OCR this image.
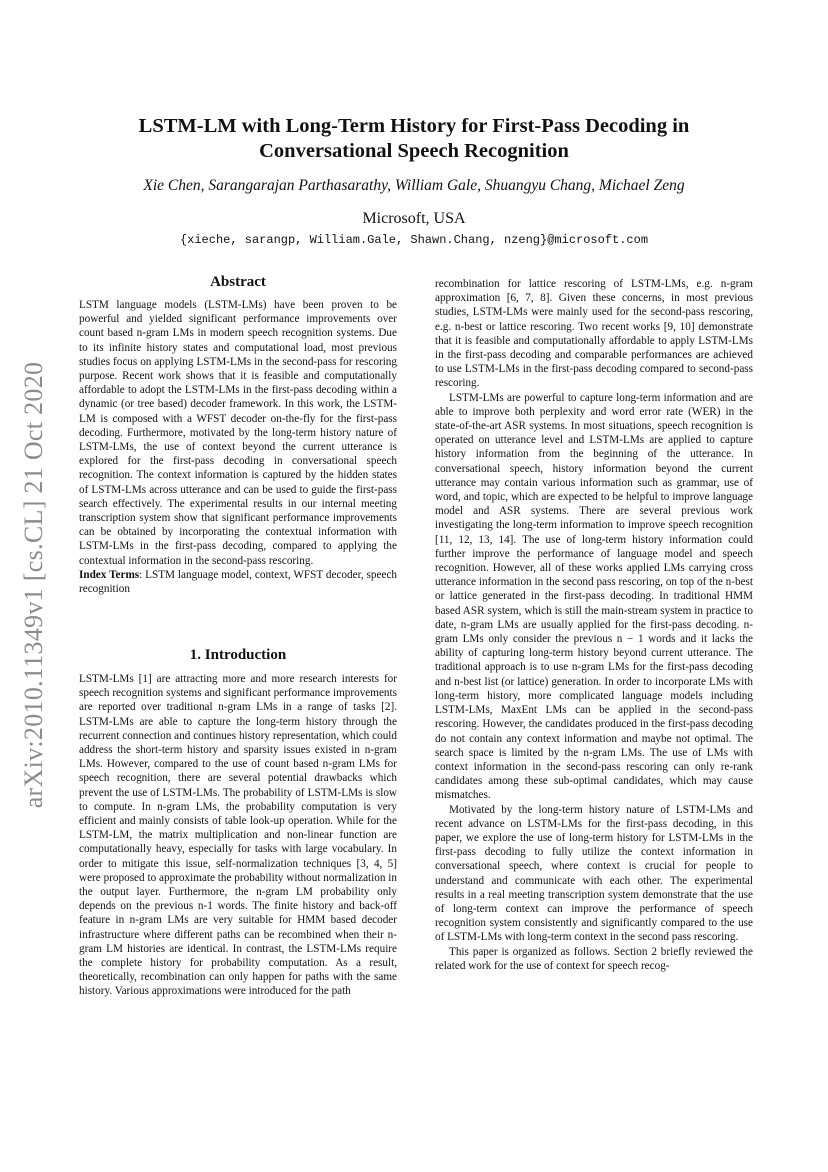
arXiv:2010.11349v1 [cs.CL] 21 Oct 2020
LSTM-LM with Long-Term History for First-Pass Decoding in Conversational Speech Recognition
Xie Chen, Sarangarajan Parthasarathy, William Gale, Shuangyu Chang, Michael Zeng
Microsoft, USA
{xieche, sarangp, William.Gale, Shawn.Chang, nzeng}@microsoft.com
Abstract

LSTM language models (LSTM-LMs) have been proven to be powerful and yielded significant performance improvements over count based n-gram LMs in modern speech recognition systems. Due to its infinite history states and computational load, most previous studies focus on applying LSTM-LMs in the second-pass for rescoring purpose. Recent work shows that it is feasible and computationally affordable to adopt the LSTM-LMs in the first-pass decoding within a dynamic (or tree based) decoder framework. In this work, the LSTM-LM is composed with a WFST decoder on-the-fly for the first-pass decoding. Furthermore, motivated by the long-term history nature of LSTM-LMs, the use of context beyond the current utterance is explored for the first-pass decoding in conversational speech recognition. The context information is captured by the hidden states of LSTM-LMs across utterance and can be used to guide the first-pass search effectively. The experimental results in our internal meeting transcription system show that significant performance improvements can be obtained by incorporating the contextual information with LSTM-LMs in the first-pass decoding, compared to applying the contextual information in the second-pass rescoring.

Index Terms: LSTM language model, context, WFST decoder, speech recognition

1. Introduction

LSTM-LMs [1] are attracting more and more research interests for speech recognition systems and significant performance improvements are reported over traditional n-gram LMs in a range of tasks [2]. LSTM-LMs are able to capture the long-term history through the recurrent connection and continues history representation, which could address the short-term history and sparsity issues existed in n-gram LMs. However, compared to the use of count based n-gram LMs for speech recognition, there are several potential drawbacks which prevent the use of LSTM-LMs. The probability of LSTM-LMs is slow to compute. In n-gram LMs, the probability computation is very efficient and mainly consists of table look-up operation. While for the LSTM-LM, the matrix multiplication and non-linear function are computationally heavy, especially for tasks with large vocabulary. In order to mitigate this issue, self-normalization techniques [3, 4, 5] were proposed to approximate the probability without normalization in the output layer. Furthermore, the n-gram LM probability only depends on the previous n-1 words. The finite history and back-off feature in n-gram LMs are very suitable for HMM based decoder infrastructure where different paths can be recombined when their n-gram LM histories are identical. In contrast, the LSTM-LMs require the complete history for probability computation. As a result, theoretically, recombination can only happen for paths with the same history. Various approximations were introduced for the path

recombination for lattice rescoring of LSTM-LMs, e.g. n-gram approximation [6, 7, 8]. Given these concerns, in most previous studies, LSTM-LMs were mainly used for the second-pass rescoring, e.g. n-best or lattice rescoring. Two recent works [9, 10] demonstrate that it is feasible and computationally affordable to apply LSTM-LMs in the first-pass decoding and comparable performances are achieved to use LSTM-LMs in the first-pass decoding compared to second-pass rescoring.

LSTM-LMs are powerful to capture long-term information and are able to improve both perplexity and word error rate (WER) in the state-of-the-art ASR systems. In most situations, speech recognition is operated on utterance level and LSTM-LMs are applied to capture history information from the beginning of the utterance. In conversational speech, history information beyond the current utterance may contain various information such as grammar, use of word, and topic, which are expected to be helpful to improve language model and ASR systems. There are several previous work investigating the long-term information to improve speech recognition [11, 12, 13, 14]. The use of long-term history information could further improve the performance of language model and speech recognition. However, all of these works applied LMs carrying cross utterance information in the second pass rescoring, on top of the n-best or lattice generated in the first-pass decoding. In traditional HMM based ASR system, which is still the main-stream system in practice to date, n-gram LMs are usually applied for the first-pass decoding. n-gram LMs only consider the previous n − 1 words and it lacks the ability of capturing long-term history beyond current utterance. The traditional approach is to use n-gram LMs for the first-pass decoding and n-best list (or lattice) generation. In order to incorporate LMs with long-term history, more complicated language models including LSTM-LMs, MaxEnt LMs can be applied in the second-pass rescoring. However, the candidates produced in the first-pass decoding do not contain any context information and maybe not optimal. The search space is limited by the n-gram LMs. The use of LMs with context information in the second-pass rescoring can only re-rank candidates among these sub-optimal candidates, which may cause mismatches.

Motivated by the long-term history nature of LSTM-LMs and recent advance on LSTM-LMs for the first-pass decoding, in this paper, we explore the use of long-term history for LSTM-LMs in the first-pass decoding to fully utilize the context information in conversational speech, where context is crucial for people to understand and communicate with each other. The experimental results in a real meeting transcription system demonstrate that the use of long-term context can improve the performance of speech recognition system consistently and significantly compared to the use of LSTM-LMs with long-term context in the second pass rescoring.

This paper is organized as follows. Section 2 briefly reviewed the related work for the use of context for speech recog-
